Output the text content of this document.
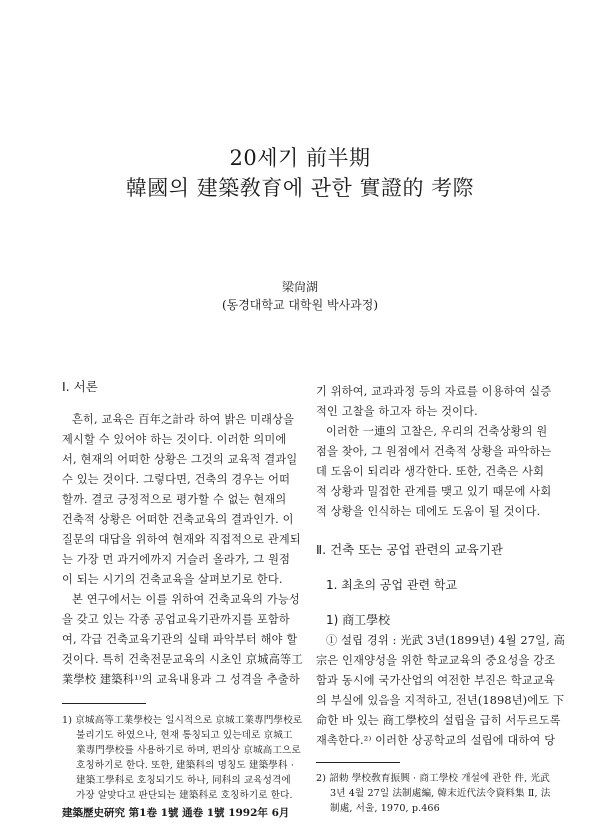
20세기 前半期
韓國의 建築敎育에 관한 實證的 考際
梁尙湖
(동경대학교 대학원 박사과정)
Ⅰ. 서론
흔히, 교육은 百年之計라 하여 밝은 미래상을
제시할 수 있어야 하는 것이다. 이러한 의미에
서, 현재의 어떠한 상황은 그것의 교육적 결과일
수 있는 것이다. 그렇다면, 건축의 경우는 어떠
할까. 결코 긍정적으로 평가할 수 없는 현재의
건축적 상황은 어떠한 건축교육의 결과인가. 이
질문의 대답을 위하여 현재와 직접적으로 관계되
는 가장 먼 과거에까지 거슬러 올라가, 그 원점
이 되는 시기의 건축교육을 살펴보기로 한다.
본 연구에서는 이를 위하여 건축교육의 가능성
을 갖고 있는 각종 공업교육기관까지를 포함하
여, 각급 건축교육기관의 실태 파악부터 해야 할
것이다. 특히 건축전문교육의 시초인 京城高等工
業學校 建築科¹⁾의 교육내용과 그 성격을 추출하
1) 京城高等工業學校는 일시적으로 京城工業專門學校로
불리기도 하였으나, 현재 통칭되고 있는데로 京城工
業專門學校를 사용하기로 하며, 편의상 京城高工으로
호칭하기로 한다. 또한, 建築科의 명칭도 建築學科 ·
建築工學科로 호칭되기도 하나, 同科의 교육성격에
가장 알맞다고 판단되는 建築科로 호칭하기로 한다.
기 위하여, 교과과정 등의 자료를 이용하여 실증
적인 고찰을 하고자 하는 것이다.
이러한 一連의 고찰은, 우리의 건축상황의 원
점을 찾아, 그 원점에서 건축적 상황을 파악하는
데 도움이 되리라 생각한다. 또한, 건축은 사회
적 상황과 밀접한 관계를 맺고 있기 때문에 사회
적 상황을 인식하는 데에도 도움이 될 것이다.
Ⅱ. 건축 또는 공업 관련의 교육기관
1. 최초의 공업 관련 학교
1) 商工學校
① 설립 경위 : 光武 3년(1899년) 4월 27일, 高
宗은 인재양성을 위한 학교교육의 중요성을 강조
함과 동시에 국가산업의 여전한 부진은 학교교육
의 부실에 있음을 지적하고, 전년(1898년)에도 下
命한 바 있는 商工學校의 설립을 급히 서두르도록
재촉한다.²⁾ 이러한 상공학교의 설립에 대하여 당
2) 詔勅 學校敎育振興 · 商工學校 개설에 관한 件, 光武
3년 4월 27일 法制處編, 韓末近代法令資料集 Ⅱ, 法
制處, 서울, 1970, p.466
建築歷史硏究 第1卷 1號 通卷 1號 1992年 6月
